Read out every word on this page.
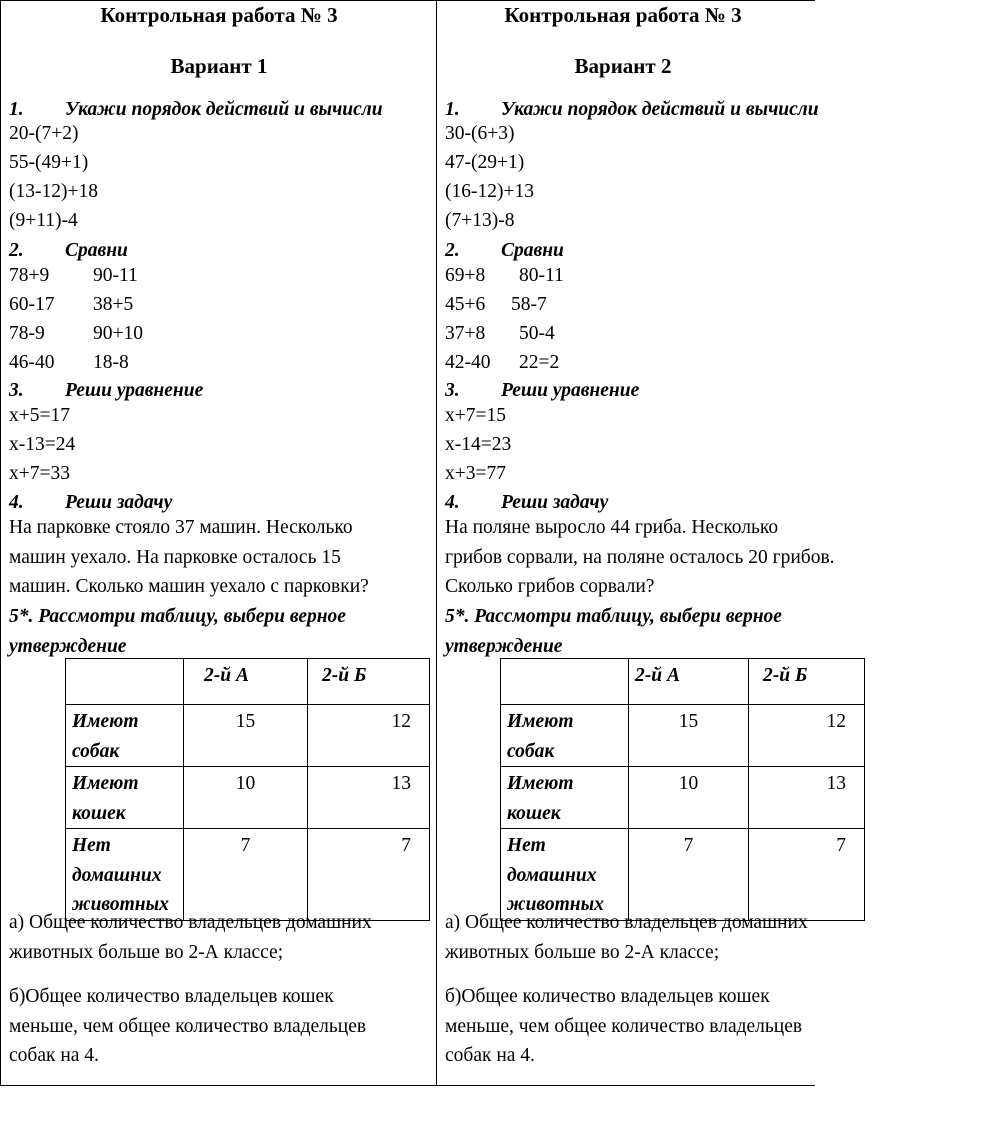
Контрольная работа № 3
Вариант 1
1. Укажи порядок действий и вычисли
20-(7+2)
55-(49+1)
(13-12)+18
(9+11)-4
2. Сравни
78+9 90-11
60-17 38+5
78-9 90+10
46-40 18-8
3. Реши уравнение
x+5=17
x-13=24
x+7=33
4. Реши задачу
На парковке стояло 37 машин. Несколько
машин уехало. На парковке осталось 15
машин. Сколько машин уехало с парковки?
5*. Рассмотри таблицу, выбери верное
утверждение
	2-й А	2-й Б

Имеют
собак	15	12

Имеют
кошек	10	13

Нет
домашних
животных	7	7
а) Общее количество владельцев домашних
животных больше во 2-А классе;
б)Общее количество владельцев кошек
меньше, чем общее количество владельцев
собак на 4.
Контрольная работа № 3
Вариант 2
1. Укажи порядок действий и вычисли
30-(6+3)
47-(29+1)
(16-12)+13
(7+13)-8
2. Сравни
69+8 80-11
45+6 58-7
37+8 50-4
42-40 22=2
3. Реши уравнение
x+7=15
x-14=23
x+3=77
4. Реши задачу
На поляне выросло 44 гриба. Несколько
грибов сорвали, на поляне осталось 20 грибов.
Сколько грибов сорвали?
5*. Рассмотри таблицу, выбери верное
утверждение
	2-й А	2-й Б

Имеют
собак	15	12

Имеют
кошек	10	13

Нет
домашних
животных	7	7
а) Общее количество владельцев домашних
животных больше во 2-А классе;
б)Общее количество владельцев кошек
меньше, чем общее количество владельцев
собак на 4.
